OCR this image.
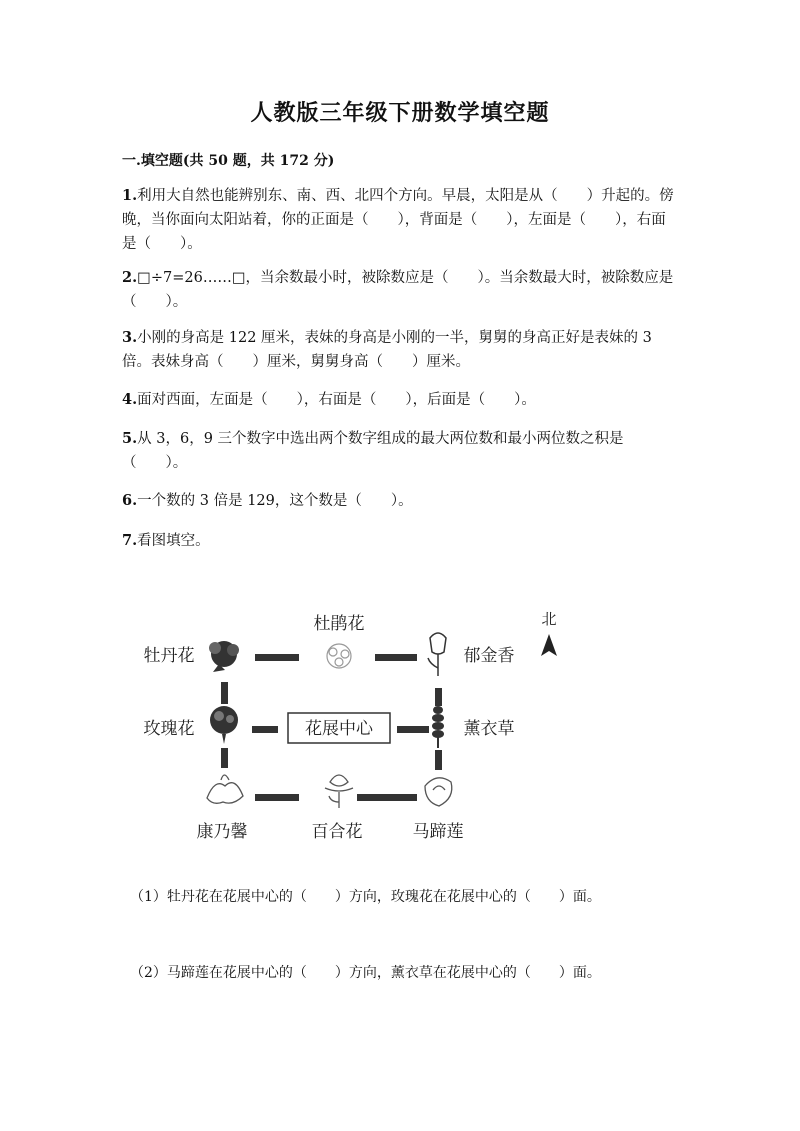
人教版三年级下册数学填空题
一.填空题(共 50 题，共 172 分)
1.利用大自然也能辨别东、南、西、北四个方向。早晨，太阳是从（　　）升起的。傍晚，当你面向太阳站着，你的正面是（　　），背面是（　　），左面是（　　），右面是（　　）。
2.□÷7=26……□，当余数最小时，被除数应是（　　）。当余数最大时，被除数应是（　　）。
3.小刚的身高是 122 厘米，表妹的身高是小刚的一半，舅舅的身高正好是表妹的 3 倍。表妹身高（　　）厘米，舅舅身高（　　）厘米。
4.面对西面，左面是（　　），右面是（　　），后面是（　　）。
5.从 3，6，9 三个数字中选出两个数字组成的最大两位数和最小两位数之积是（　　）。
6.一个数的 3 倍是 129，这个数是（　　）。
7.看图填空。
花展中心
北
牡丹花
杜鹃花
郁金香
玫瑰花	薰衣草
康乃馨	百合花	马蹄莲
（1）牡丹花在花展中心的（　　）方向，玫瑰花在花展中心的（　　）面。
（2）马蹄莲在花展中心的（　　）方向，薰衣草在花展中心的（　　）面。
